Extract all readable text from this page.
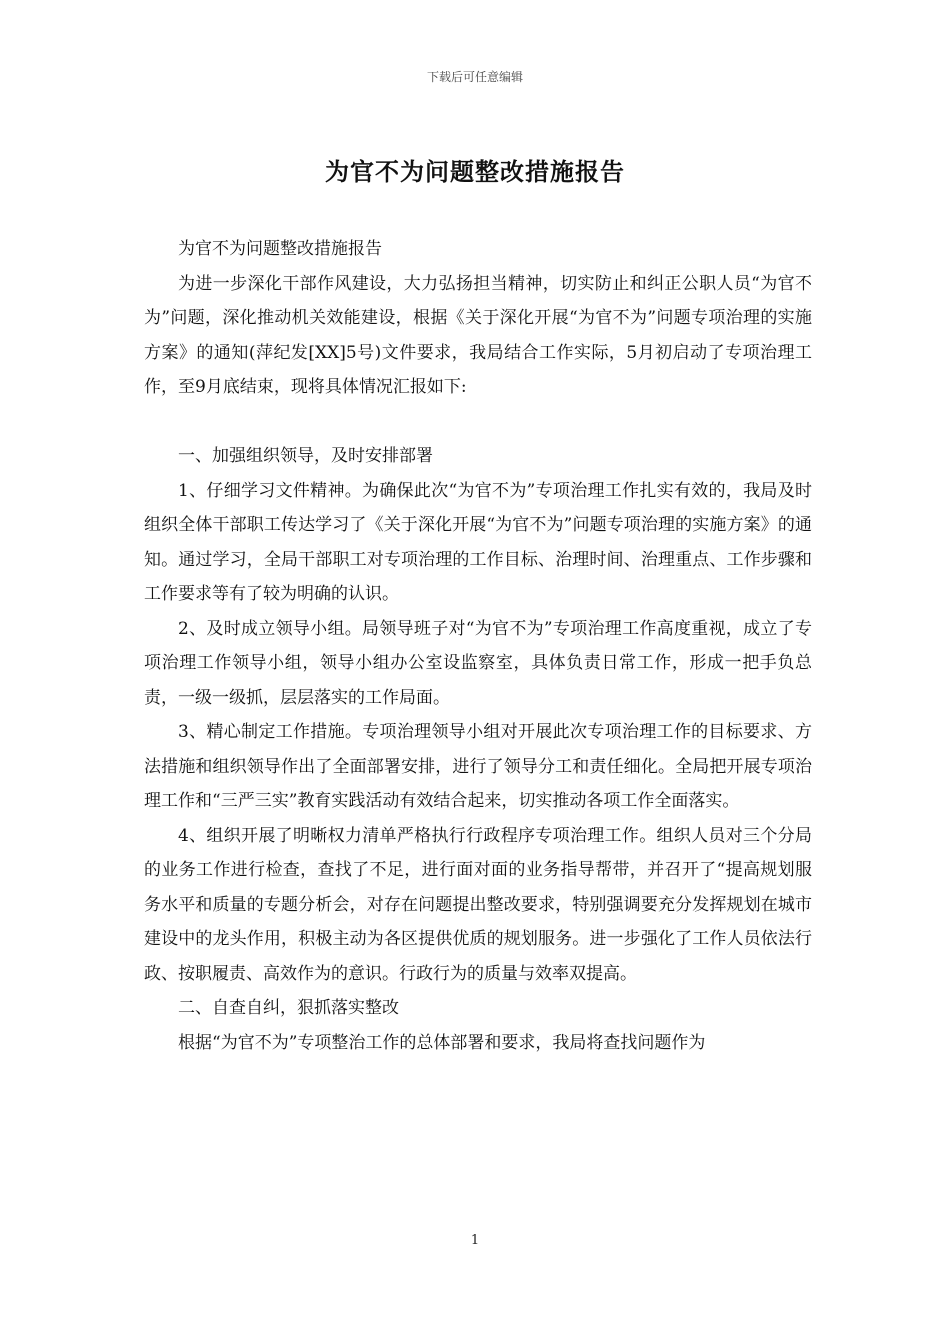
下载后可任意编辑
为官不为问题整改措施报告

为官不为问题整改措施报告

为进一步深化干部作风建设，大力弘扬担当精神，切实防止和纠正公职人员“为官不为”问题，深化推动机关效能建设，根据《关于深化开展“为官不为”问题专项治理的实施方案》的通知(萍纪发[XX]5号)文件要求，我局结合工作实际，5月初启动了专项治理工作，至9月底结束，现将具体情况汇报如下:

一、加强组织领导，及时安排部署

1、仔细学习文件精神。为确保此次“为官不为”专项治理工作扎实有效的，我局及时组织全体干部职工传达学习了《关于深化开展“为官不为”问题专项治理的实施方案》的通知。通过学习，全局干部职工对专项治理的工作目标、治理时间、治理重点、工作步骤和工作要求等有了较为明确的认识。

2、及时成立领导小组。局领导班子对“为官不为”专项治理工作高度重视，成立了专项治理工作领导小组，领导小组办公室设监察室，具体负责日常工作，形成一把手负总责，一级一级抓，层层落实的工作局面。

3、精心制定工作措施。专项治理领导小组对开展此次专项治理工作的目标要求、方法措施和组织领导作出了全面部署安排，进行了领导分工和责任细化。全局把开展专项治理工作和“三严三实”教育实践活动有效结合起来，切实推动各项工作全面落实。

4、组织开展了明晰权力清单严格执行行政程序专项治理工作。组织人员对三个分局的业务工作进行检查，查找了不足，进行面对面的业务指导帮带，并召开了“提高规划服务水平和质量的专题分析会，对存在问题提出整改要求，特别强调要充分发挥规划在城市建设中的龙头作用，积极主动为各区提供优质的规划服务。进一步强化了工作人员依法行政、按职履责、高效作为的意识。行政行为的质量与效率双提高。

二、自查自纠，狠抓落实整改

根据“为官不为”专项整治工作的总体部署和要求，我局将查找问题作为

1
